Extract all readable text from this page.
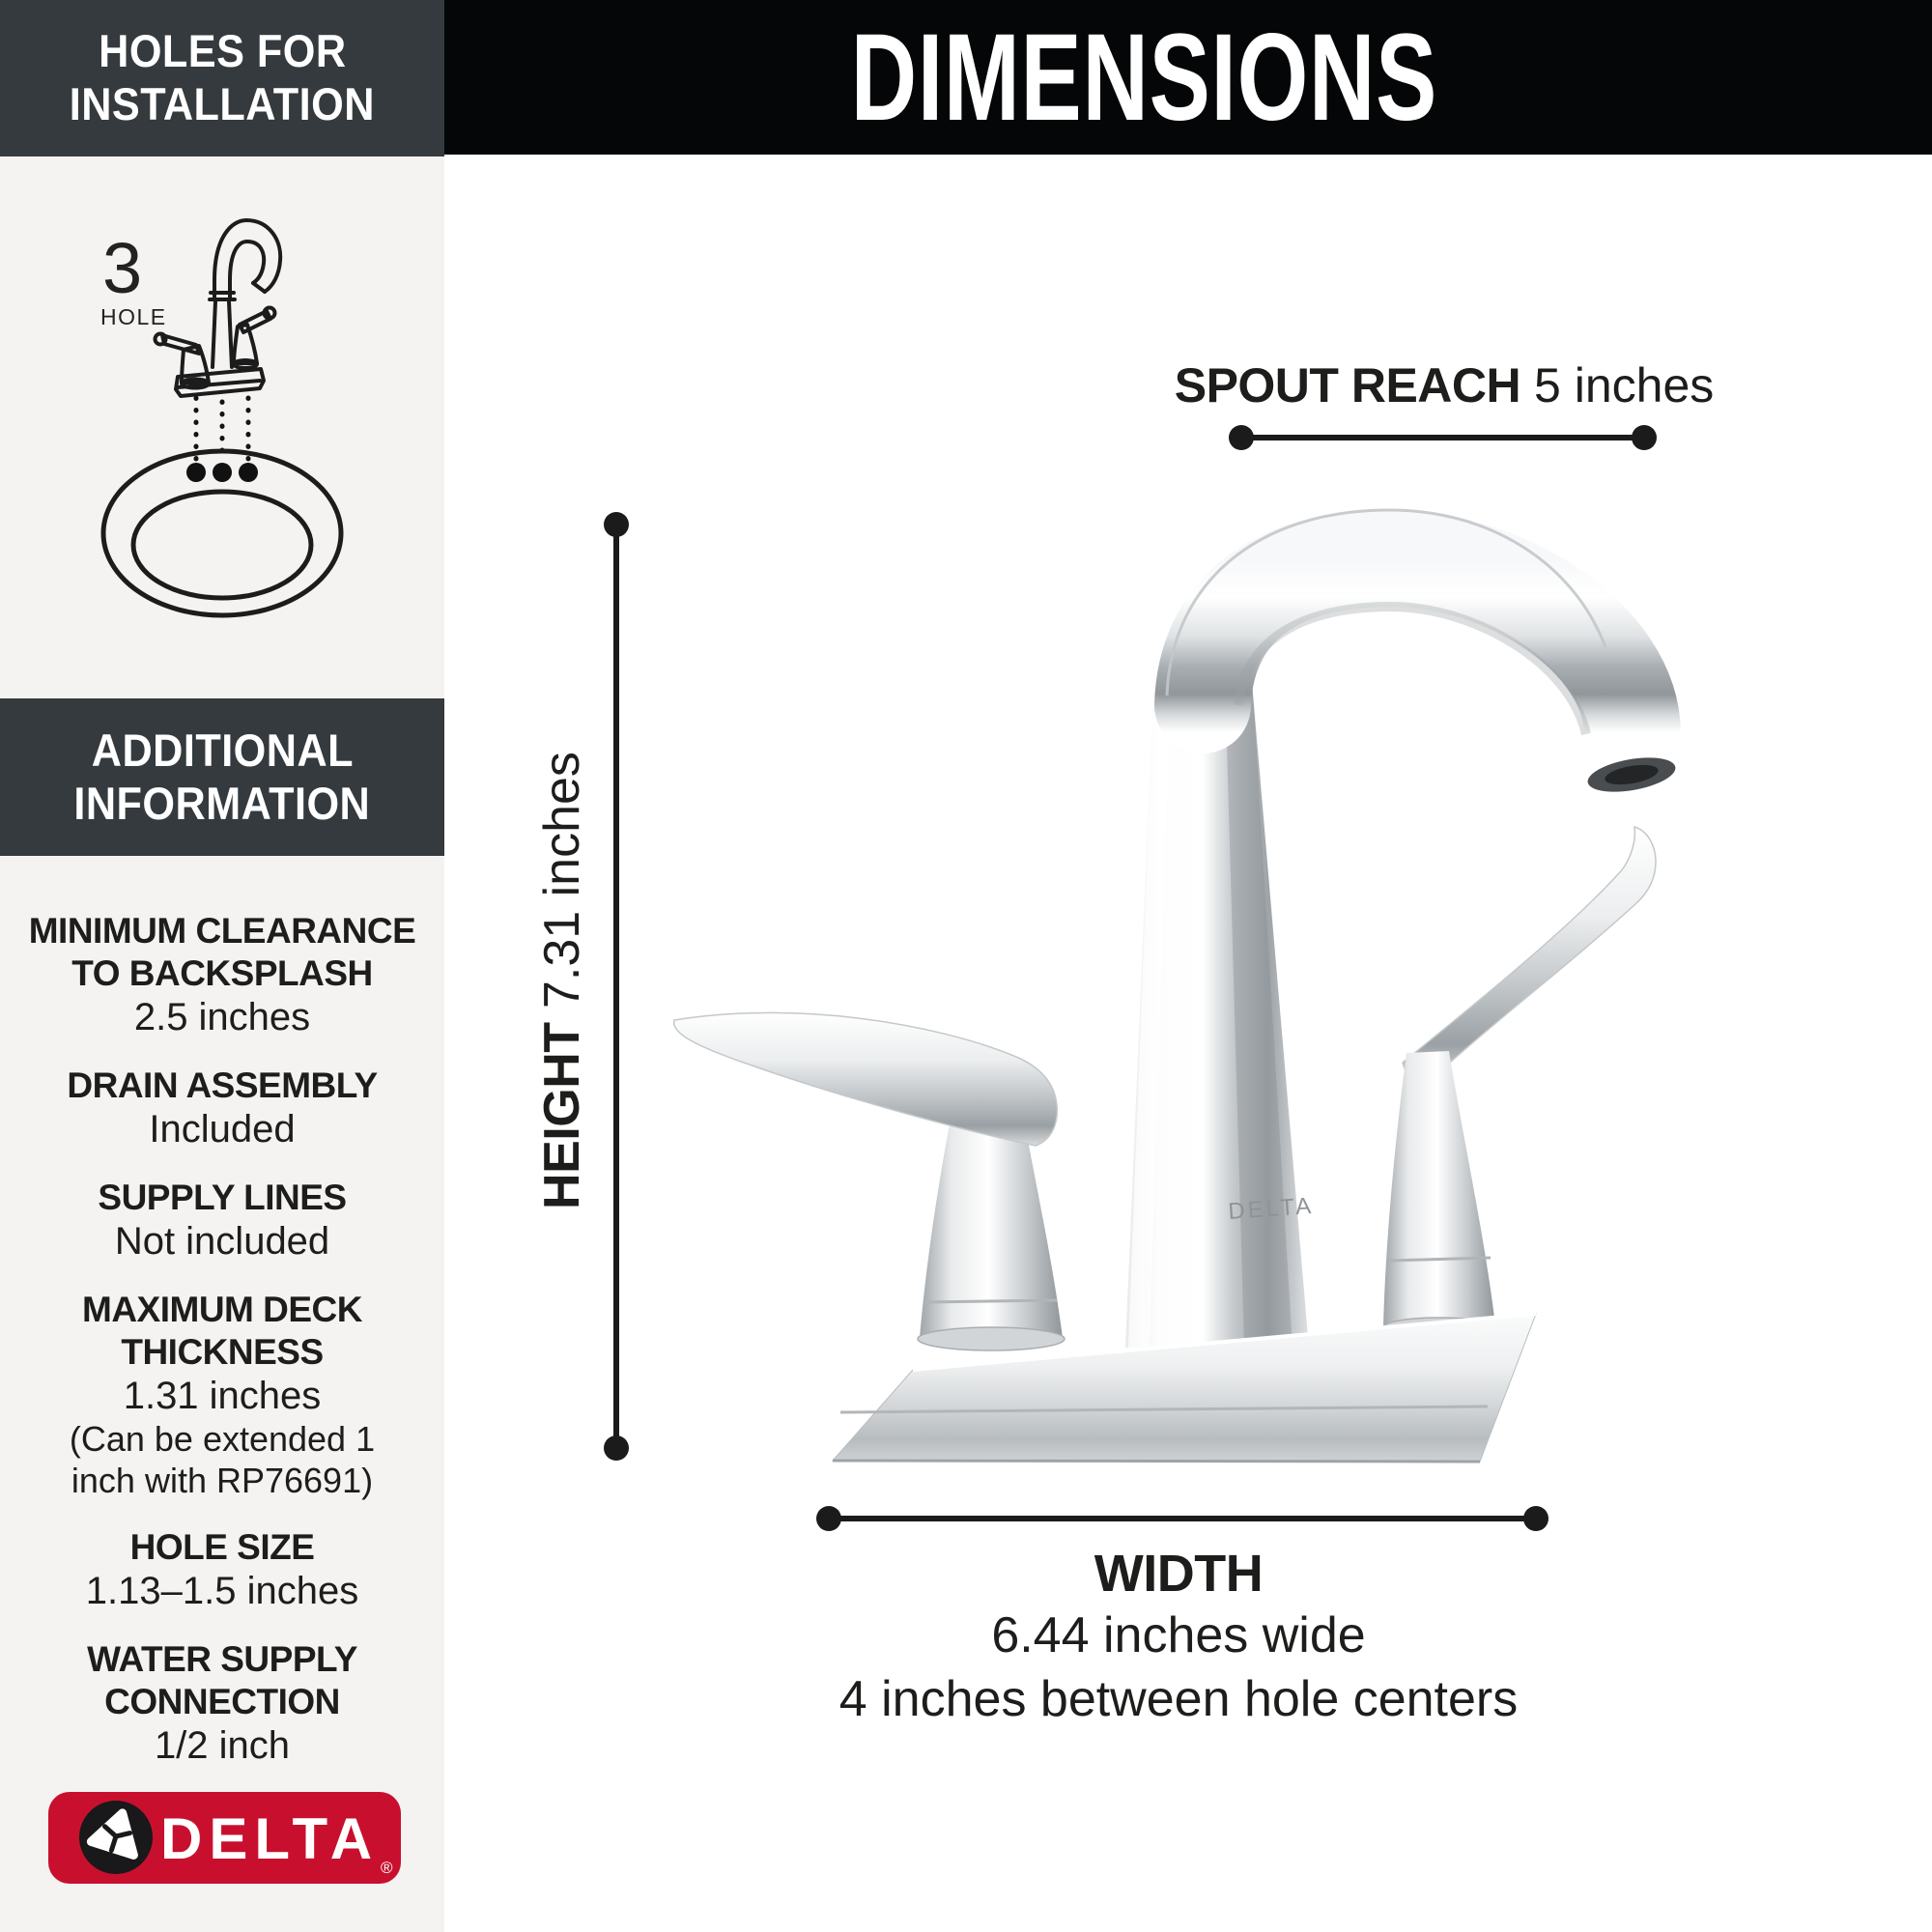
HOLES FOR
INSTALLATION
3
HOLE
ADDITIONAL
INFORMATION
MINIMUM CLEARANCE TO BACKSPLASH
2.5 inches
DRAIN ASSEMBLY
Included
SUPPLY LINES
Not included
MAXIMUM DECK THICKNESS
1.31 inches
(Can be extended 1 inch with RP76691)
HOLE SIZE
1.13–1.5 inches
WATER SUPPLY CONNECTION
1/2 inch
DELTA ®
DIMENSIONS
DELTA
SPOUT REACH 5 inches
HEIGHT

7.31 inches
WIDTH
6.44 inches wide
4 inches between hole centers
